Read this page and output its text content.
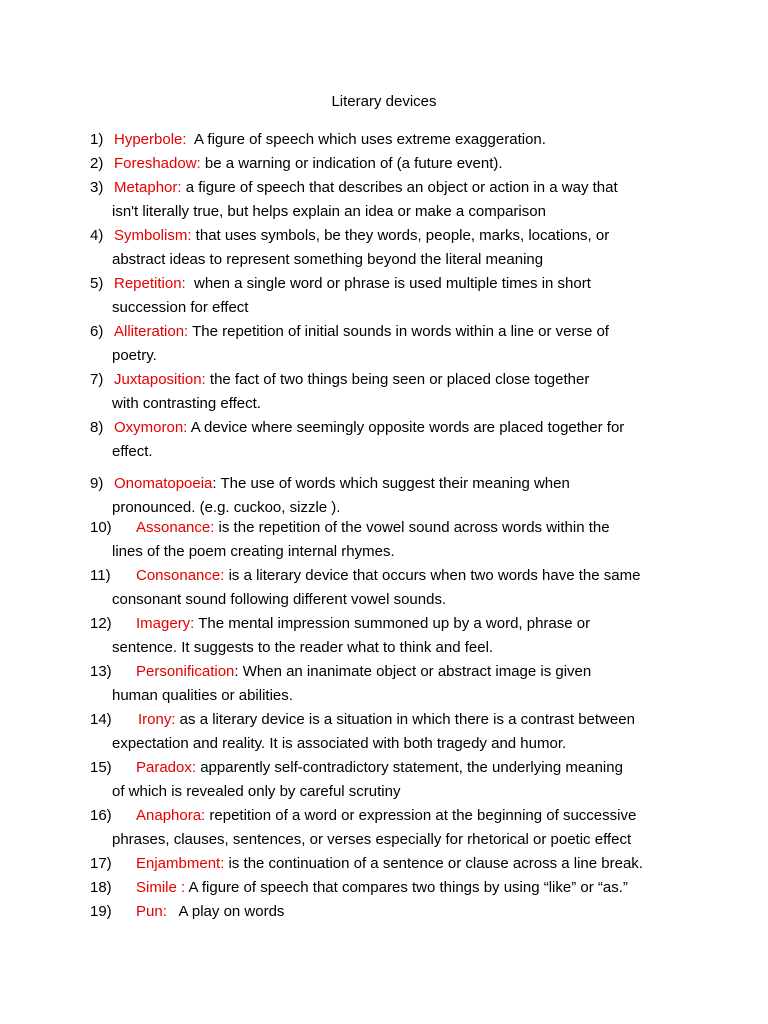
Literary devices
1) Hyperbole:  A figure of speech which uses extreme exaggeration.
2) Foreshadow: be a warning or indication of (a future event).
3) Metaphor: a figure of speech that describes an object or action in a way that
isn't literally true, but helps explain an idea or make a comparison
4) Symbolism: that uses symbols, be they words, people, marks, locations, or
abstract ideas to represent something beyond the literal meaning
5) Repetition:  when a single word or phrase is used multiple times in short
succession for effect
6) Alliteration: The repetition of initial sounds in words within a line or verse of
poetry.
7) Juxtaposition: the fact of two things being seen or placed close together
with contrasting effect.
8) Oxymoron: A device where seemingly opposite words are placed together for
effect.
9) Onomatopoeia: The use of words which suggest their meaning when
pronounced. (e.g. cuckoo, sizzle ).
10) Assonance: is the repetition of the vowel sound across words within the
lines of the poem creating internal rhymes.
11) Consonance: is a literary device that occurs when two words have the same
consonant sound following different vowel sounds.
12) Imagery: The mental impression summoned up by a word, phrase or
sentence. It suggests to the reader what to think and feel.
13) Personification: When an inanimate object or abstract image is given
human qualities or abilities.
14) Irony: as a literary device is a situation in which there is a contrast between
expectation and reality. It is associated with both tragedy and humor.
15) Paradox: apparently self-contradictory statement, the underlying meaning
of which is revealed only by careful scrutiny
16) Anaphora: repetition of a word or expression at the beginning of successive
phrases, clauses, sentences, or verses especially for rhetorical or poetic effect
17) Enjambment: is the continuation of a sentence or clause across a line break.
18) Simile : A figure of speech that compares two things by using “like” or “as.”
19) Pun:   A play on words
